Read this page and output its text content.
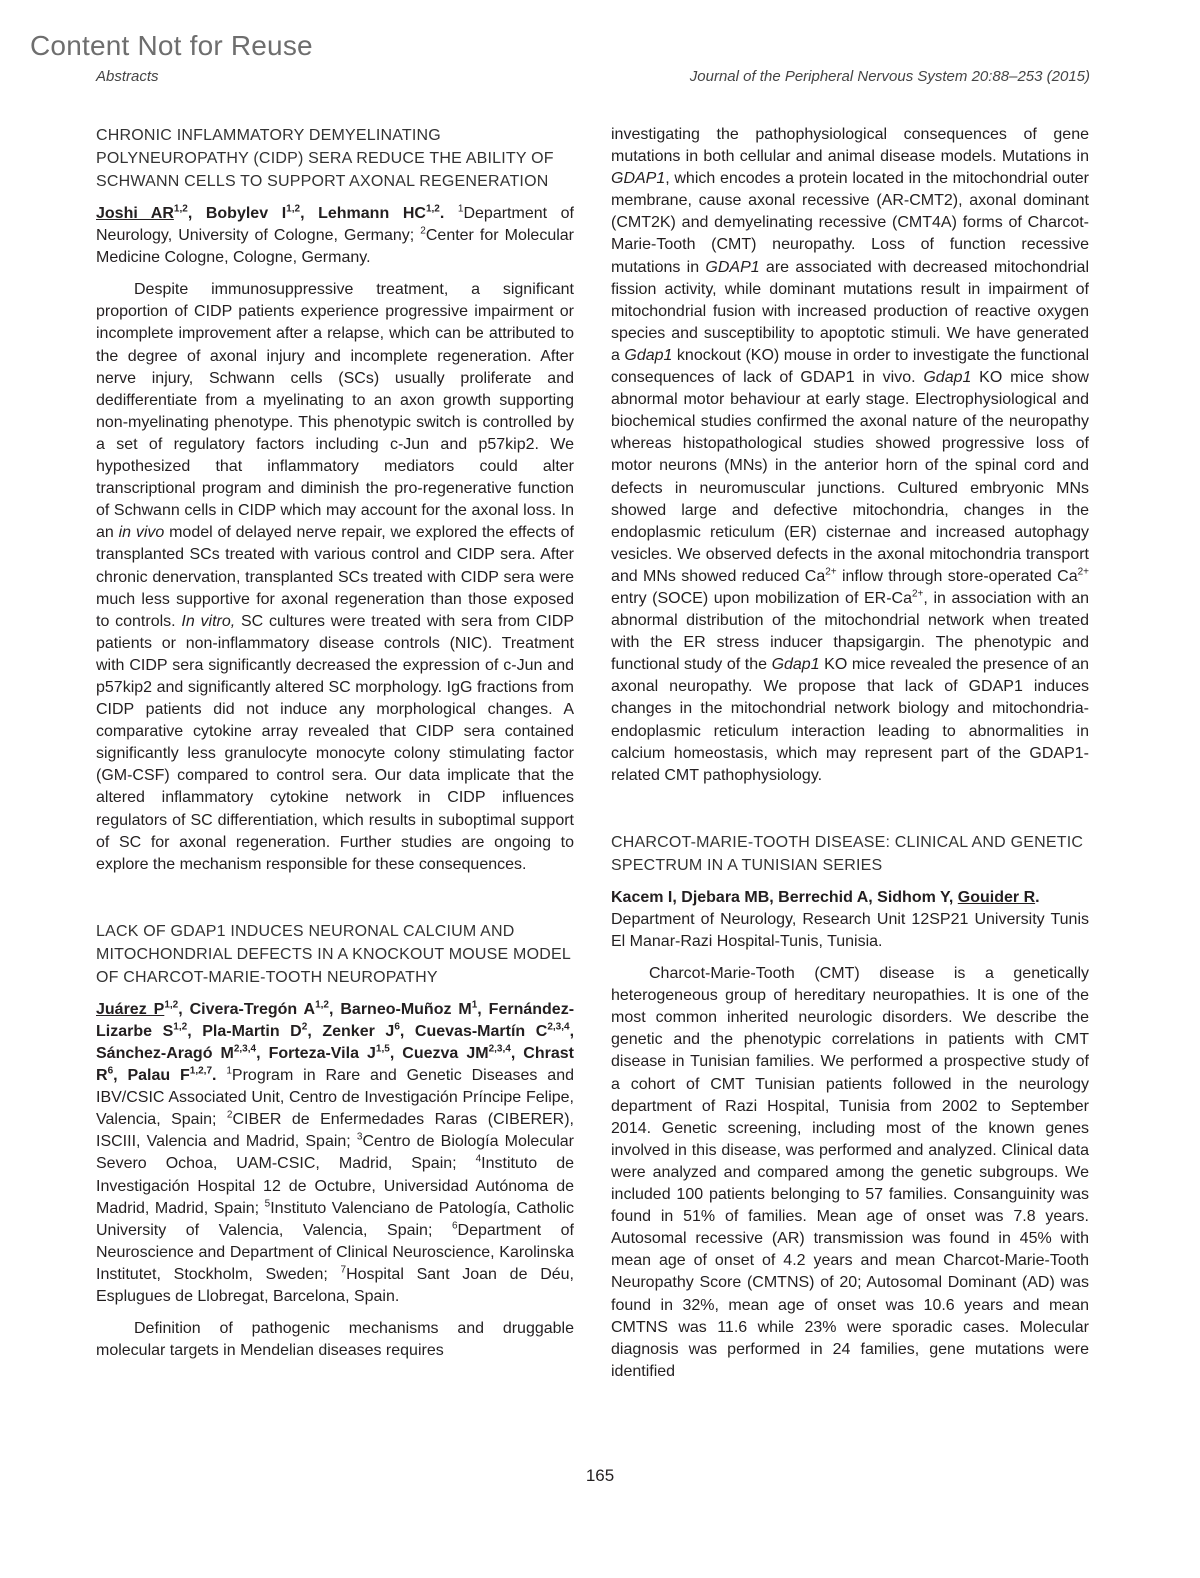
Content Not for Reuse
Abstracts	Journal of the Peripheral Nervous System 20:88–253 (2015)

CHRONIC INFLAMMATORY DEMYELINATING POLYNEUROPATHY (CIDP) SERA REDUCE THE ABILITY OF SCHWANN CELLS TO SUPPORT AXONAL REGENERATION

Joshi AR$^{1,2}$, Bobylev I$^{1,2}$, Lehmann HC$^{1,2}$. $^1$Department of Neurology, University of Cologne, Germany; $^2$Center for Molecular Medicine Cologne, Cologne, Germany.

Despite immunosuppressive treatment, a significant proportion of CIDP patients experience progressive impairment or incomplete improvement after a relapse, which can be attributed to the degree of axonal injury and incomplete regeneration. After nerve injury, Schwann cells (SCs) usually proliferate and dedifferentiate from a myelinating to an axon growth supporting non-myelinating phenotype. This phenotypic switch is controlled by a set of regulatory factors including c-Jun and p57kip2. We hypothesized that inflammatory mediators could alter transcriptional program and diminish the pro-regenerative function of Schwann cells in CIDP which may account for the axonal loss. In an in vivo model of delayed nerve repair, we explored the effects of transplanted SCs treated with various control and CIDP sera. After chronic denervation, transplanted SCs treated with CIDP sera were much less supportive for axonal regeneration than those exposed to controls. In vitro, SC cultures were treated with sera from CIDP patients or non-inflammatory disease controls (NIC). Treatment with CIDP sera significantly decreased the expression of c-Jun and p57kip2 and significantly altered SC morphology. IgG fractions from CIDP patients did not induce any morphological changes. A comparative cytokine array revealed that CIDP sera contained significantly less granulocyte monocyte colony stimulating factor (GM-CSF) compared to control sera. Our data implicate that the altered inflammatory cytokine network in CIDP influences regulators of SC differentiation, which results in suboptimal support of SC for axonal regeneration. Further studies are ongoing to explore the mechanism responsible for these consequences.

LACK OF GDAP1 INDUCES NEURONAL CALCIUM AND MITOCHONDRIAL DEFECTS IN A KNOCKOUT MOUSE MODEL OF CHARCOT-MARIE-TOOTH NEUROPATHY

Juárez P$^{1,2}$, Civera-Tregón A$^{1,2}$, Barneo-Muñoz $M^1$, Fernández-Lizarbe S$^{1,2}$, Pla-Martin $D^2$, Zenker $J^6$, Cuevas-Martín C$^{2,3,4}$, Sánchez-Aragó M$^{2,3,4}$, Forteza-Vila J$^{1,5}$, Cuezva JM$^{2,3,4}$, Chrast $R^6$, Palau F$^{1,2,7}$. $^1$Program in Rare and Genetic Diseases and IBV/CSIC Associated Unit, Centro de Investigación Príncipe Felipe, Valencia, Spain; $^2$CIBER de Enfermedades Raras (CIBERER), ISCIII, Valencia and Madrid, Spain; $^3$Centro de Biología Molecular Severo Ochoa, UAM-CSIC, Madrid, Spain; $^4$Instituto de Investigación Hospital 12 de Octubre, Universidad Autónoma de Madrid, Madrid, Spain; $^5$Instituto Valenciano de Patología, Catholic University of Valencia, Valencia, Spain; $^6$Department of Neuroscience and Department of Clinical Neuroscience, Karolinska Institutet, Stockholm, Sweden; $^7$Hospital Sant Joan de Déu, Esplugues de Llobregat, Barcelona, Spain.

Definition of pathogenic mechanisms and druggable molecular targets in Mendelian diseases requires

investigating the pathophysiological consequences of gene mutations in both cellular and animal disease models. Mutations in GDAP1, which encodes a protein located in the mitochondrial outer membrane, cause axonal recessive (AR-CMT2), axonal dominant (CMT2K) and demyelinating recessive (CMT4A) forms of Charcot-Marie-Tooth (CMT) neuropathy. Loss of function recessive mutations in GDAP1 are associated with decreased mitochondrial fission activity, while dominant mutations result in impairment of mitochondrial fusion with increased production of reactive oxygen species and susceptibility to apoptotic stimuli. We have generated a Gdap1 knockout (KO) mouse in order to investigate the functional consequences of lack of GDAP1 in vivo. Gdap1 KO mice show abnormal motor behaviour at early stage. Electrophysiological and biochemical studies confirmed the axonal nature of the neuropathy whereas histopathological studies showed progressive loss of motor neurons (MNs) in the anterior horn of the spinal cord and defects in neuromuscular junctions. Cultured embryonic MNs showed large and defective mitochondria, changes in the endoplasmic reticulum (ER) cisternae and increased autophagy vesicles. We observed defects in the axonal mitochondria transport and MNs showed reduced $Ca^{2+}$ inflow through store-operated $Ca^{2+}$ entry (SOCE) upon mobilization of $ER-Ca^{2+}$, in association with an abnormal distribution of the mitochondrial network when treated with the ER stress inducer thapsigargin. The phenotypic and functional study of the Gdap1 KO mice revealed the presence of an axonal neuropathy. We propose that lack of GDAP1 induces changes in the mitochondrial network biology and mitochondria-endoplasmic reticulum interaction leading to abnormalities in calcium homeostasis, which may represent part of the GDAP1-related CMT pathophysiology.

CHARCOT-MARIE-TOOTH DISEASE: CLINICAL AND GENETIC SPECTRUM IN A TUNISIAN SERIES

Kacem I, Djebara MB, Berrechid A, Sidhom Y, Gouider R.
Department of Neurology, Research Unit 12SP21 University Tunis El Manar-Razi Hospital-Tunis, Tunisia.

Charcot-Marie-Tooth (CMT) disease is a genetically heterogeneous group of hereditary neuropathies. It is one of the most common inherited neurologic disorders. We describe the genetic and the phenotypic correlations in patients with CMT disease in Tunisian families. We performed a prospective study of a cohort of CMT Tunisian patients followed in the neurology department of Razi Hospital, Tunisia from 2002 to September 2014. Genetic screening, including most of the known genes involved in this disease, was performed and analyzed. Clinical data were analyzed and compared among the genetic subgroups. We included 100 patients belonging to 57 families. Consanguinity was found in 51% of families. Mean age of onset was 7.8 years. Autosomal recessive (AR) transmission was found in 45% with mean age of onset of 4.2 years and mean Charcot-Marie-Tooth Neuropathy Score (CMTNS) of 20; Autosomal Dominant (AD) was found in 32%, mean age of onset was 10.6 years and mean CMTNS was 11.6 while 23% were sporadic cases. Molecular diagnosis was performed in 24 families, gene mutations were identified

165
